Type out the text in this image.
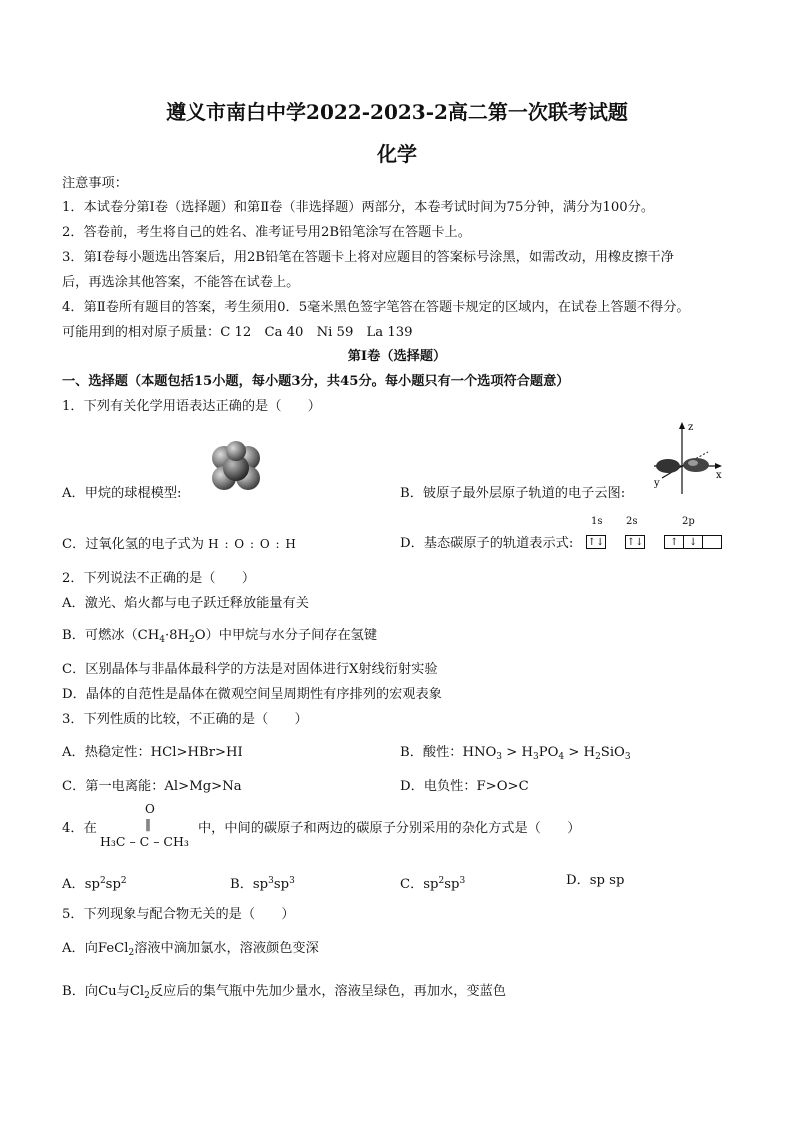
遵义市南白中学2022-2023-2高二第一次联考试题
化学
注意事项：
1．本试卷分第Ⅰ卷（选择题）和第Ⅱ卷（非选择题）两部分，本卷考试时间为75分钟，满分为100分。
2．答卷前，考生将自己的姓名、准考证号用2B铅笔涂写在答题卡上。
3．第Ⅰ卷每小题选出答案后，用2B铅笔在答题卡上将对应题目的答案标号涂黑，如需改动，用橡皮擦干净
后，再选涂其他答案，不能答在试卷上。
4．第Ⅱ卷所有题目的答案，考生须用0．5毫米黑色签字笔答在答题卡规定的区域内，在试卷上答题不得分。
可能用到的相对原子质量：C 12　Ca 40　Ni 59　La 139
第Ⅰ卷（选择题）
一、选择题（本题包括15小题，每小题3分，共45分。每小题只有一个选项符合题意）
1．下列有关化学用语表达正确的是（　　）
A．甲烷的球棍模型:
z
x
y
B．铍原子最外层原子轨道的电子云图:
C．过氧化氢的电子式为 H : O : O : H	D．基态碳原子的轨道表示式:
1s 2s	2p
↑↓ ↑↓	↑ ↓
2．下列说法不正确的是（　　）
A．激光、焰火都与电子跃迁释放能量有关
B．可燃冰$(CH_4\cdot 8H_2O)$中甲烷与水分子间存在氢键
C．区别晶体与非晶体最科学的方法是对固体进行X射线衍射实验
D．晶体的自范性是晶体在微观空间呈周期性有序排列的宏观表象
3．下列性质的比较，不正确的是（　　）
A．热稳定性：HCl>HBr>HI	B．酸性：$HNO_3 > H_3PO_4 > H_2SiO_3$
C．第一电离能：Al>Mg>Na	D．电负性：F>O>C
4．在
O
‖
H₃C – C – CH₃
中，中间的碳原子和两边的碳原子分别采用的杂化方式是（　　）
A．$sp^2sp^2$	B．$sp^3sp^3$	C．$sp^2sp^3$	D．sp sp
5．下列现象与配合物无关的是（　　）
A．向FeCl$_2$溶液中滴加氯水，溶液颜色变深
B．向Cu与$Cl_2$反应后的集气瓶中先加少量水，溶液呈绿色，再加水，变蓝色
